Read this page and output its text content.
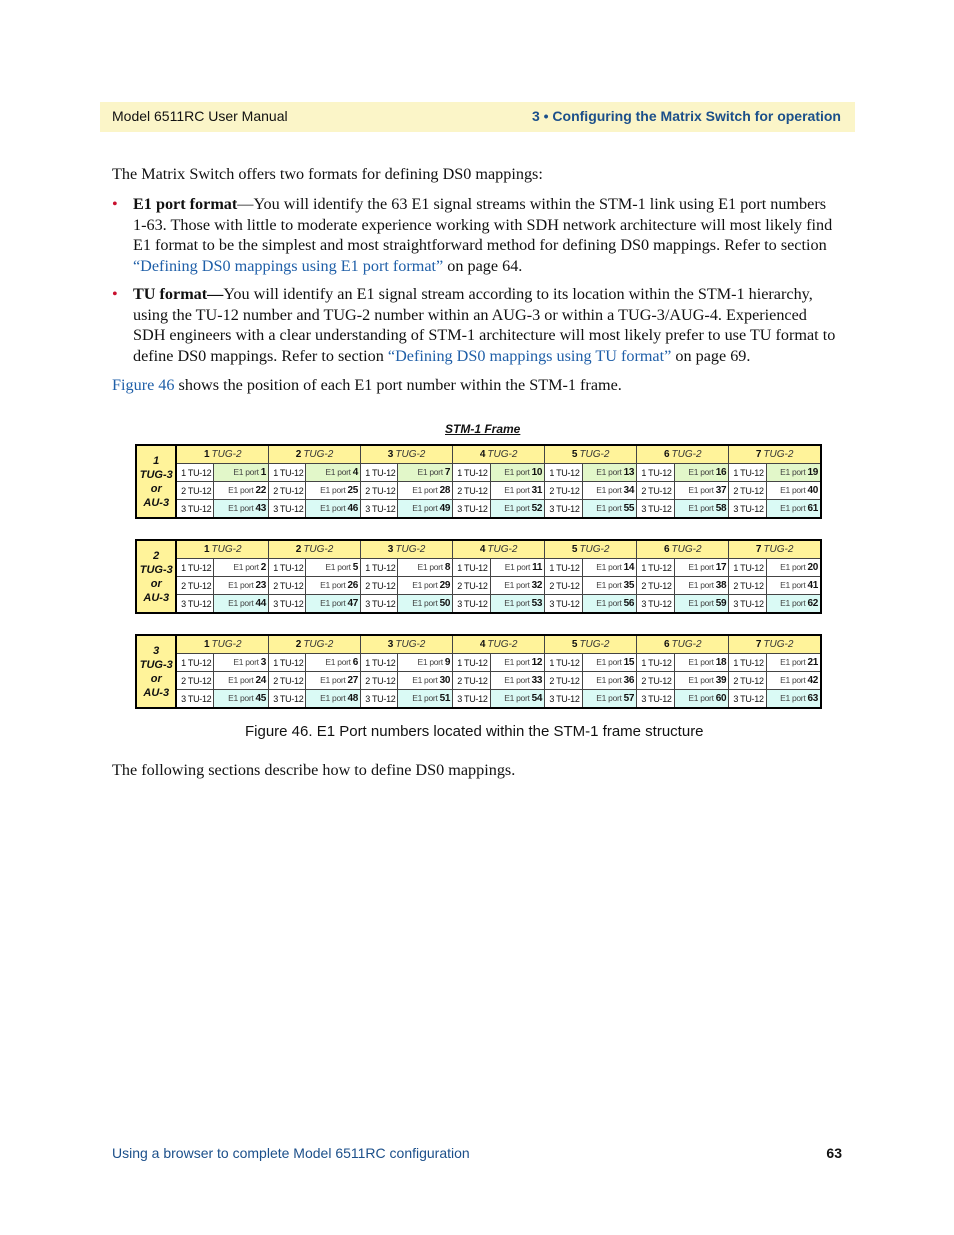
Model 6511RC User Manual	3 • Configuring the Matrix Switch for operation
The Matrix Switch offers two formats for defining DS0 mappings:
• E1 port format—You will identify the 63 E1 signal streams within the STM-1 link using E1 port numbers 1-63. Those with little to moderate experience working with SDH network architecture will most likely find E1 format to be the simplest and most straightforward method for defining DS0 mappings. Refer to section “Defining DS0 mappings using E1 port format” on page 64.
• TU format—You will identify an E1 signal stream according to its location within the STM-1 hierarchy, using the TU-12 number and TUG-2 number within an AUG-3 or within a TUG-3/AUG-4. Experienced SDH engineers with a clear understanding of STM-1 architecture will most likely prefer to use TU format to define DS0 mappings. Refer to section “Defining DS0 mappings using TU format” on page 69.
Figure 46 shows the position of each E1 port number within the STM-1 frame.
STM-1 Frame
1
TUG-3
or
AU-3	1 TUG-2		2 TUG-2		3 TUG-2		4 TUG-2		5 TUG-2		6 TUG-2		7 TUG-2	
	1 TU-12	E1 port 1	1 TU-12	E1 port 4	1 TU-12	E1 port 7	1 TU-12	E1 port 10	1 TU-12	E1 port 13	1 TU-12	E1 port 16	1 TU-12	E1 port 19
	2 TU-12	E1 port 22	2 TU-12	E1 port 25	2 TU-12	E1 port 28	2 TU-12	E1 port 31	2 TU-12	E1 port 34	2 TU-12	E1 port 37	2 TU-12	E1 port 40
	3 TU-12	E1 port 43	3 TU-12	E1 port 46	3 TU-12	E1 port 49	3 TU-12	E1 port 52	3 TU-12	E1 port 55	3 TU-12	E1 port 58	3 TU-12	E1 port 61
2
TUG-3
or
AU-3	1 TUG-2		2 TUG-2		3 TUG-2		4 TUG-2		5 TUG-2		6 TUG-2		7 TUG-2	
	1 TU-12	E1 port 2	1 TU-12	E1 port 5	1 TU-12	E1 port 8	1 TU-12	E1 port 11	1 TU-12	E1 port 14	1 TU-12	E1 port 17	1 TU-12	E1 port 20
	2 TU-12	E1 port 23	2 TU-12	E1 port 26	2 TU-12	E1 port 29	2 TU-12	E1 port 32	2 TU-12	E1 port 35	2 TU-12	E1 port 38	2 TU-12	E1 port 41
	3 TU-12	E1 port 44	3 TU-12	E1 port 47	3 TU-12	E1 port 50	3 TU-12	E1 port 53	3 TU-12	E1 port 56	3 TU-12	E1 port 59	3 TU-12	E1 port 62
3
TUG-3
or
AU-3	1 TUG-2		2 TUG-2		3 TUG-2		4 TUG-2		5 TUG-2		6 TUG-2		7 TUG-2	
	1 TU-12	E1 port 3	1 TU-12	E1 port 6	1 TU-12	E1 port 9	1 TU-12	E1 port 12	1 TU-12	E1 port 15	1 TU-12	E1 port 18	1 TU-12	E1 port 21
	2 TU-12	E1 port 24	2 TU-12	E1 port 27	2 TU-12	E1 port 30	2 TU-12	E1 port 33	2 TU-12	E1 port 36	2 TU-12	E1 port 39	2 TU-12	E1 port 42
	3 TU-12	E1 port 45	3 TU-12	E1 port 48	3 TU-12	E1 port 51	3 TU-12	E1 port 54	3 TU-12	E1 port 57	3 TU-12	E1 port 60	3 TU-12	E1 port 63
Figure 46. E1 Port numbers located within the STM-1 frame structure
The following sections describe how to define DS0 mappings.
Using a browser to complete Model 6511RC configuration	63
